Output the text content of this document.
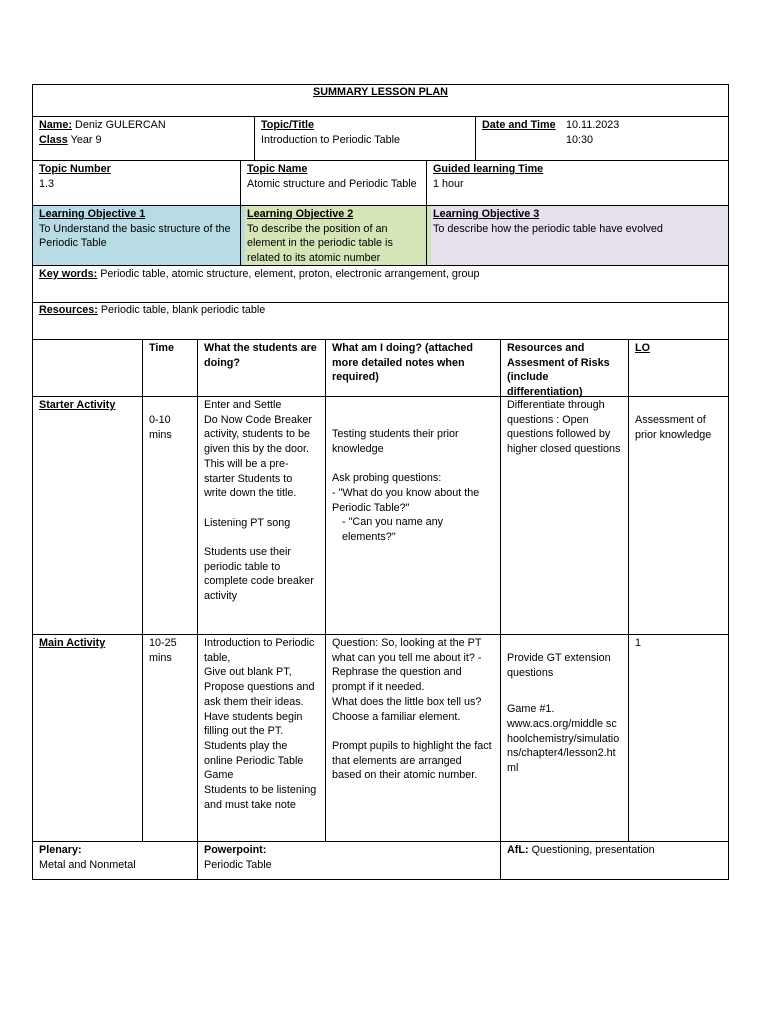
SUMMARY LESSON PLAN
Name: Deniz GULERCAN
Class Year 9
Topic/Title
Introduction to Periodic Table
Date and Time 10.11.2023
10:30
Topic Number
1.3
Topic Name
Atomic structure and Periodic Table
Guided learning Time
1 hour
Learning Objective 1
To Understand the basic structure of the Periodic Table
Learning Objective 2
To describe the position of an element in the periodic table is related to its atomic number
Learning Objective 3
To describe how the periodic table have evolved
Key words: Periodic table, atomic structure, element, proton, electronic arrangement, group
Resources: Periodic table, blank periodic table
Time	What the students are doing?
What am I doing? (attached more detailed notes when required)
Resources and Assesment of Risks (include differentiation)
LO
Starter Activity
0-10 mins
Enter and Settle
Do Now Code Breaker activity, students to be given this by the door. This will be a pre-starter Students to write down the title.
Listening PT song
Students use their periodic table to complete code breaker activity
Testing students their prior knowledge
Ask probing questions:
- "What do you know about the Periodic Table?"
- "Can you name any elements?"
Differentiate through questions : Open questions followed by higher closed questions
Assessment of prior knowledge
Main Activity	10-25 mins
Introduction to Periodic table,
Give out blank PT,
Propose questions and ask them their ideas.
Have students begin filling out the PT.
Students play the online Periodic Table Game
Students to be listening and must take note
Question: So, looking at the PT what can you tell me about it? - Rephrase the question and prompt if it needed.
What does the little box tell us? Choose a familiar element.
Prompt pupils to highlight the fact that elements are arranged based on their atomic number.
Provide GT extension questions
Game #1.
www.acs.org/middle schoolchemistry/simulations/chapter4/lesson2.html
1
Plenary:
Metal and Nonmetal
Powerpoint:
Periodic Table
AfL: Questioning, presentation
